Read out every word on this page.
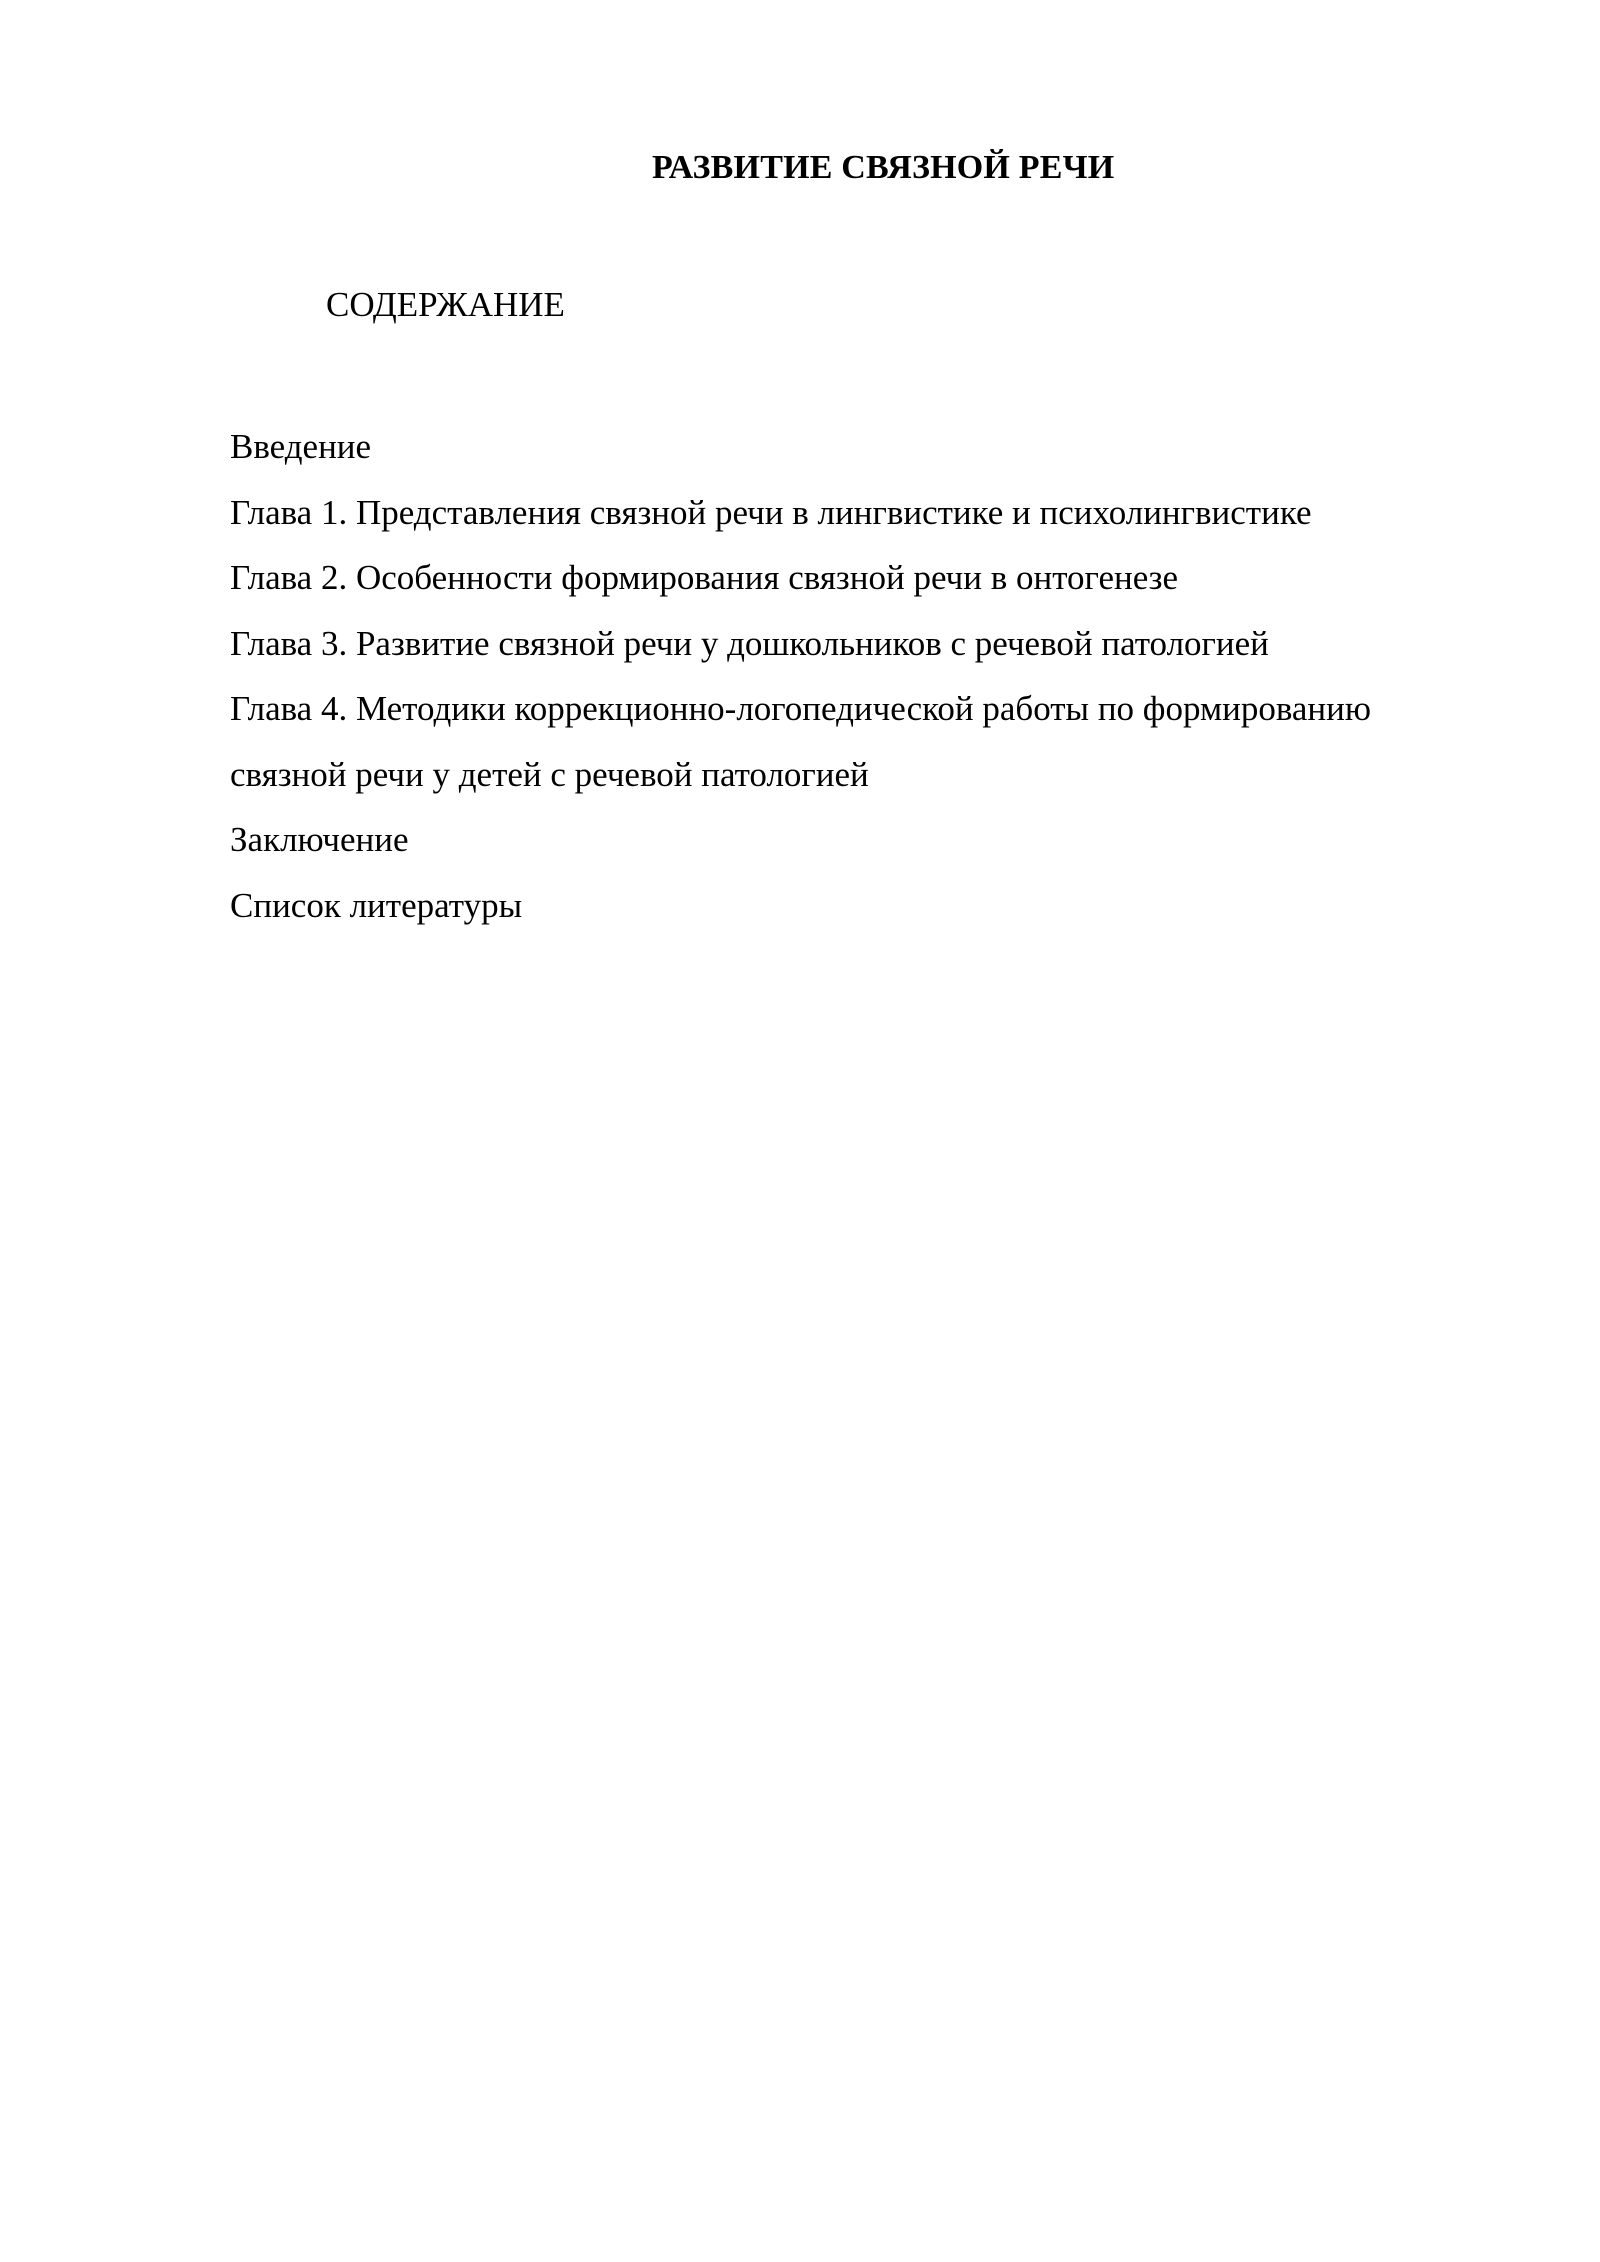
РАЗВИТИЕ СВЯЗНОЙ РЕЧИ
СОДЕРЖАНИЕ
Введение
Глава 1. Представления связной речи в лингвистике и психолингвистике
Глава 2. Особенности формирования связной речи в онтогенезе
Глава 3. Развитие связной речи у дошкольников с речевой патологией
Глава 4. Методики коррекционно-логопедической работы по формированию
связной речи у детей с речевой патологией
Заключение
Список литературы
